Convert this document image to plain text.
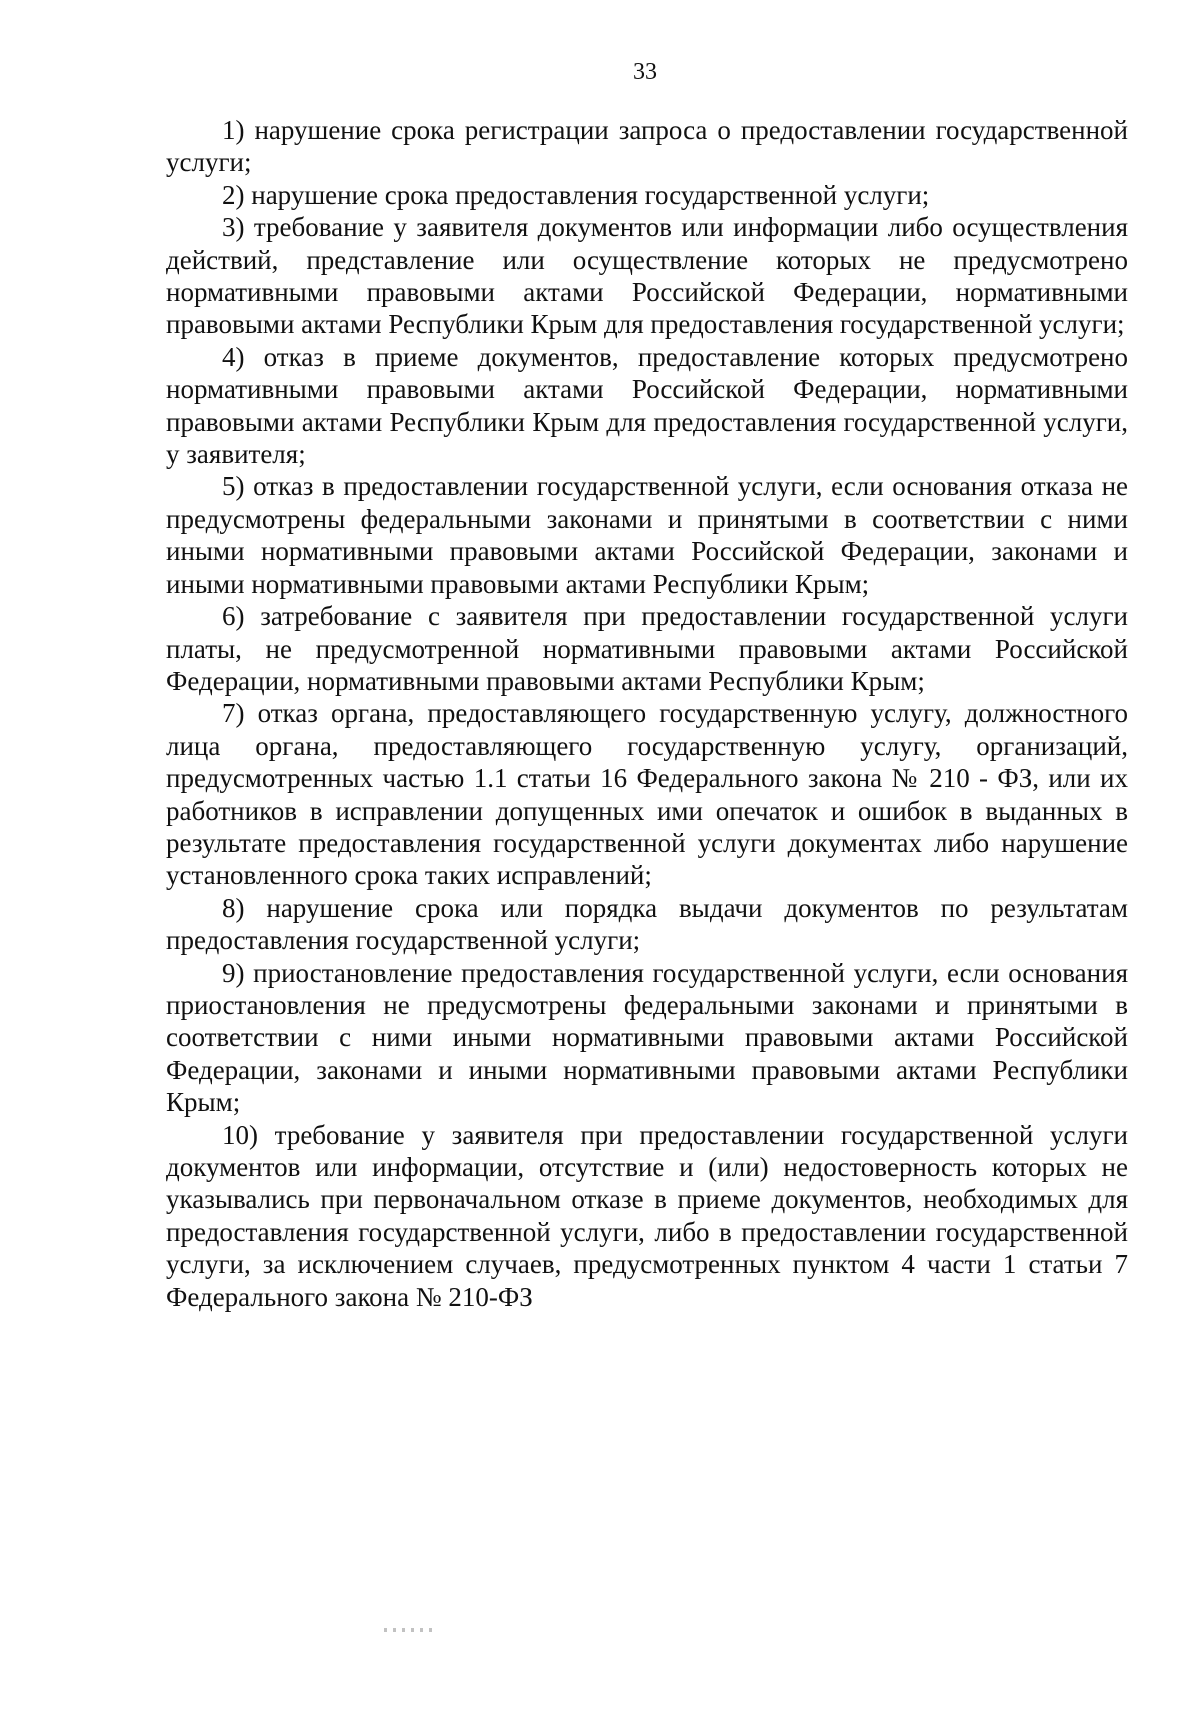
33

1) нарушение срока регистрации запроса о предоставлении государственной услуги;

2) нарушение срока предоставления государственной услуги;

3) требование у заявителя документов или информации либо осуществления действий, представление или осуществление которых не предусмотрено нормативными правовыми актами Российской Федерации, нормативными правовыми актами Республики Крым для предоставления государственной услуги;

4) отказ в приеме документов, предоставление которых предусмотрено нормативными правовыми актами Российской Федерации, нормативными правовыми актами Республики Крым для предоставления государственной услуги, у заявителя;

5) отказ в предоставлении государственной услуги, если основания отказа не предусмотрены федеральными законами и принятыми в соответствии с ними иными нормативными правовыми актами Российской Федерации, законами и иными нормативными правовыми актами Республики Крым;

6) затребование с заявителя при предоставлении государственной услуги платы, не предусмотренной нормативными правовыми актами Российской Федерации, нормативными правовыми актами Республики Крым;

7) отказ органа, предоставляющего государственную услугу, должностного лица органа, предоставляющего государственную услугу, организаций, предусмотренных частью 1.1 статьи 16 Федерального закона № 210 - ФЗ, или их работников в исправлении допущенных ими опечаток и ошибок в выданных в результате предоставления государственной услуги документах либо нарушение установленного срока таких исправлений;

8) нарушение срока или порядка выдачи документов по результатам предоставления государственной услуги;

9) приостановление предоставления государственной услуги, если основания приостановления не предусмотрены федеральными законами и принятыми в соответствии с ними иными нормативными правовыми актами Российской Федерации, законами и иными нормативными правовыми актами Республики Крым;

10) требование у заявителя при предоставлении государственной услуги документов или информации, отсутствие и (или) недостоверность которых не указывались при первоначальном отказе в приеме документов, необходимых для предоставления государственной услуги, либо в предоставлении государственной услуги, за исключением случаев, предусмотренных пунктом 4 части 1 статьи 7 Федерального закона № 210-ФЗ
